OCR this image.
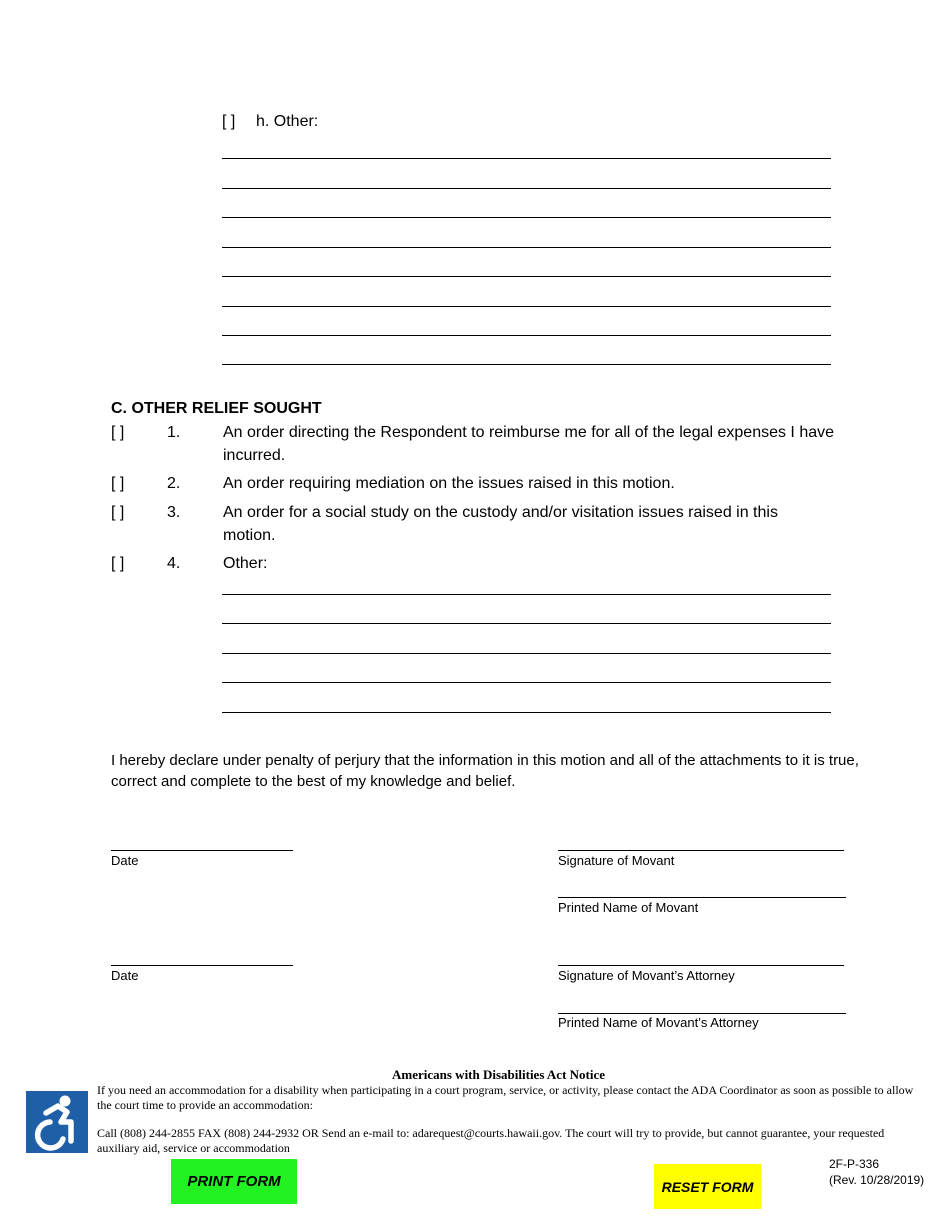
[ ] h. Other:
C. OTHER RELIEF SOUGHT
[ ]	1.	An order directing the Respondent to reimburse me for all of the legal expenses I have incurred.
[ ]	2.	An order requiring mediation on the issues raised in this motion.
[ ]	3.	An order for a social study on the custody and/or visitation issues raised in this motion.
[ ]	4.	Other:
I hereby declare under penalty of perjury that the information in this motion and all of the attachments to it is true, correct and complete to the best of my knowledge and belief.
Date	Signature of Movant
Printed Name of Movant
Date	Signature of Movant’s Attorney
Printed Name of Movant’s Attorney
Americans with Disabilities Act Notice
If you need an accommodation for a disability when participating in a court program, service, or activity, please contact the ADA Coordinator as soon as possible to allow the court time to provide an accommodation:
Call (808) 244-2855 FAX (808) 244-2932 OR Send an e-mail to: adarequest@courts.hawaii.gov. The court will try to provide, but cannot guarantee, your requested auxiliary aid, service or accommodation
PRINT FORM	RESET FORM
2F-P-336
(Rev. 10/28/2019)
